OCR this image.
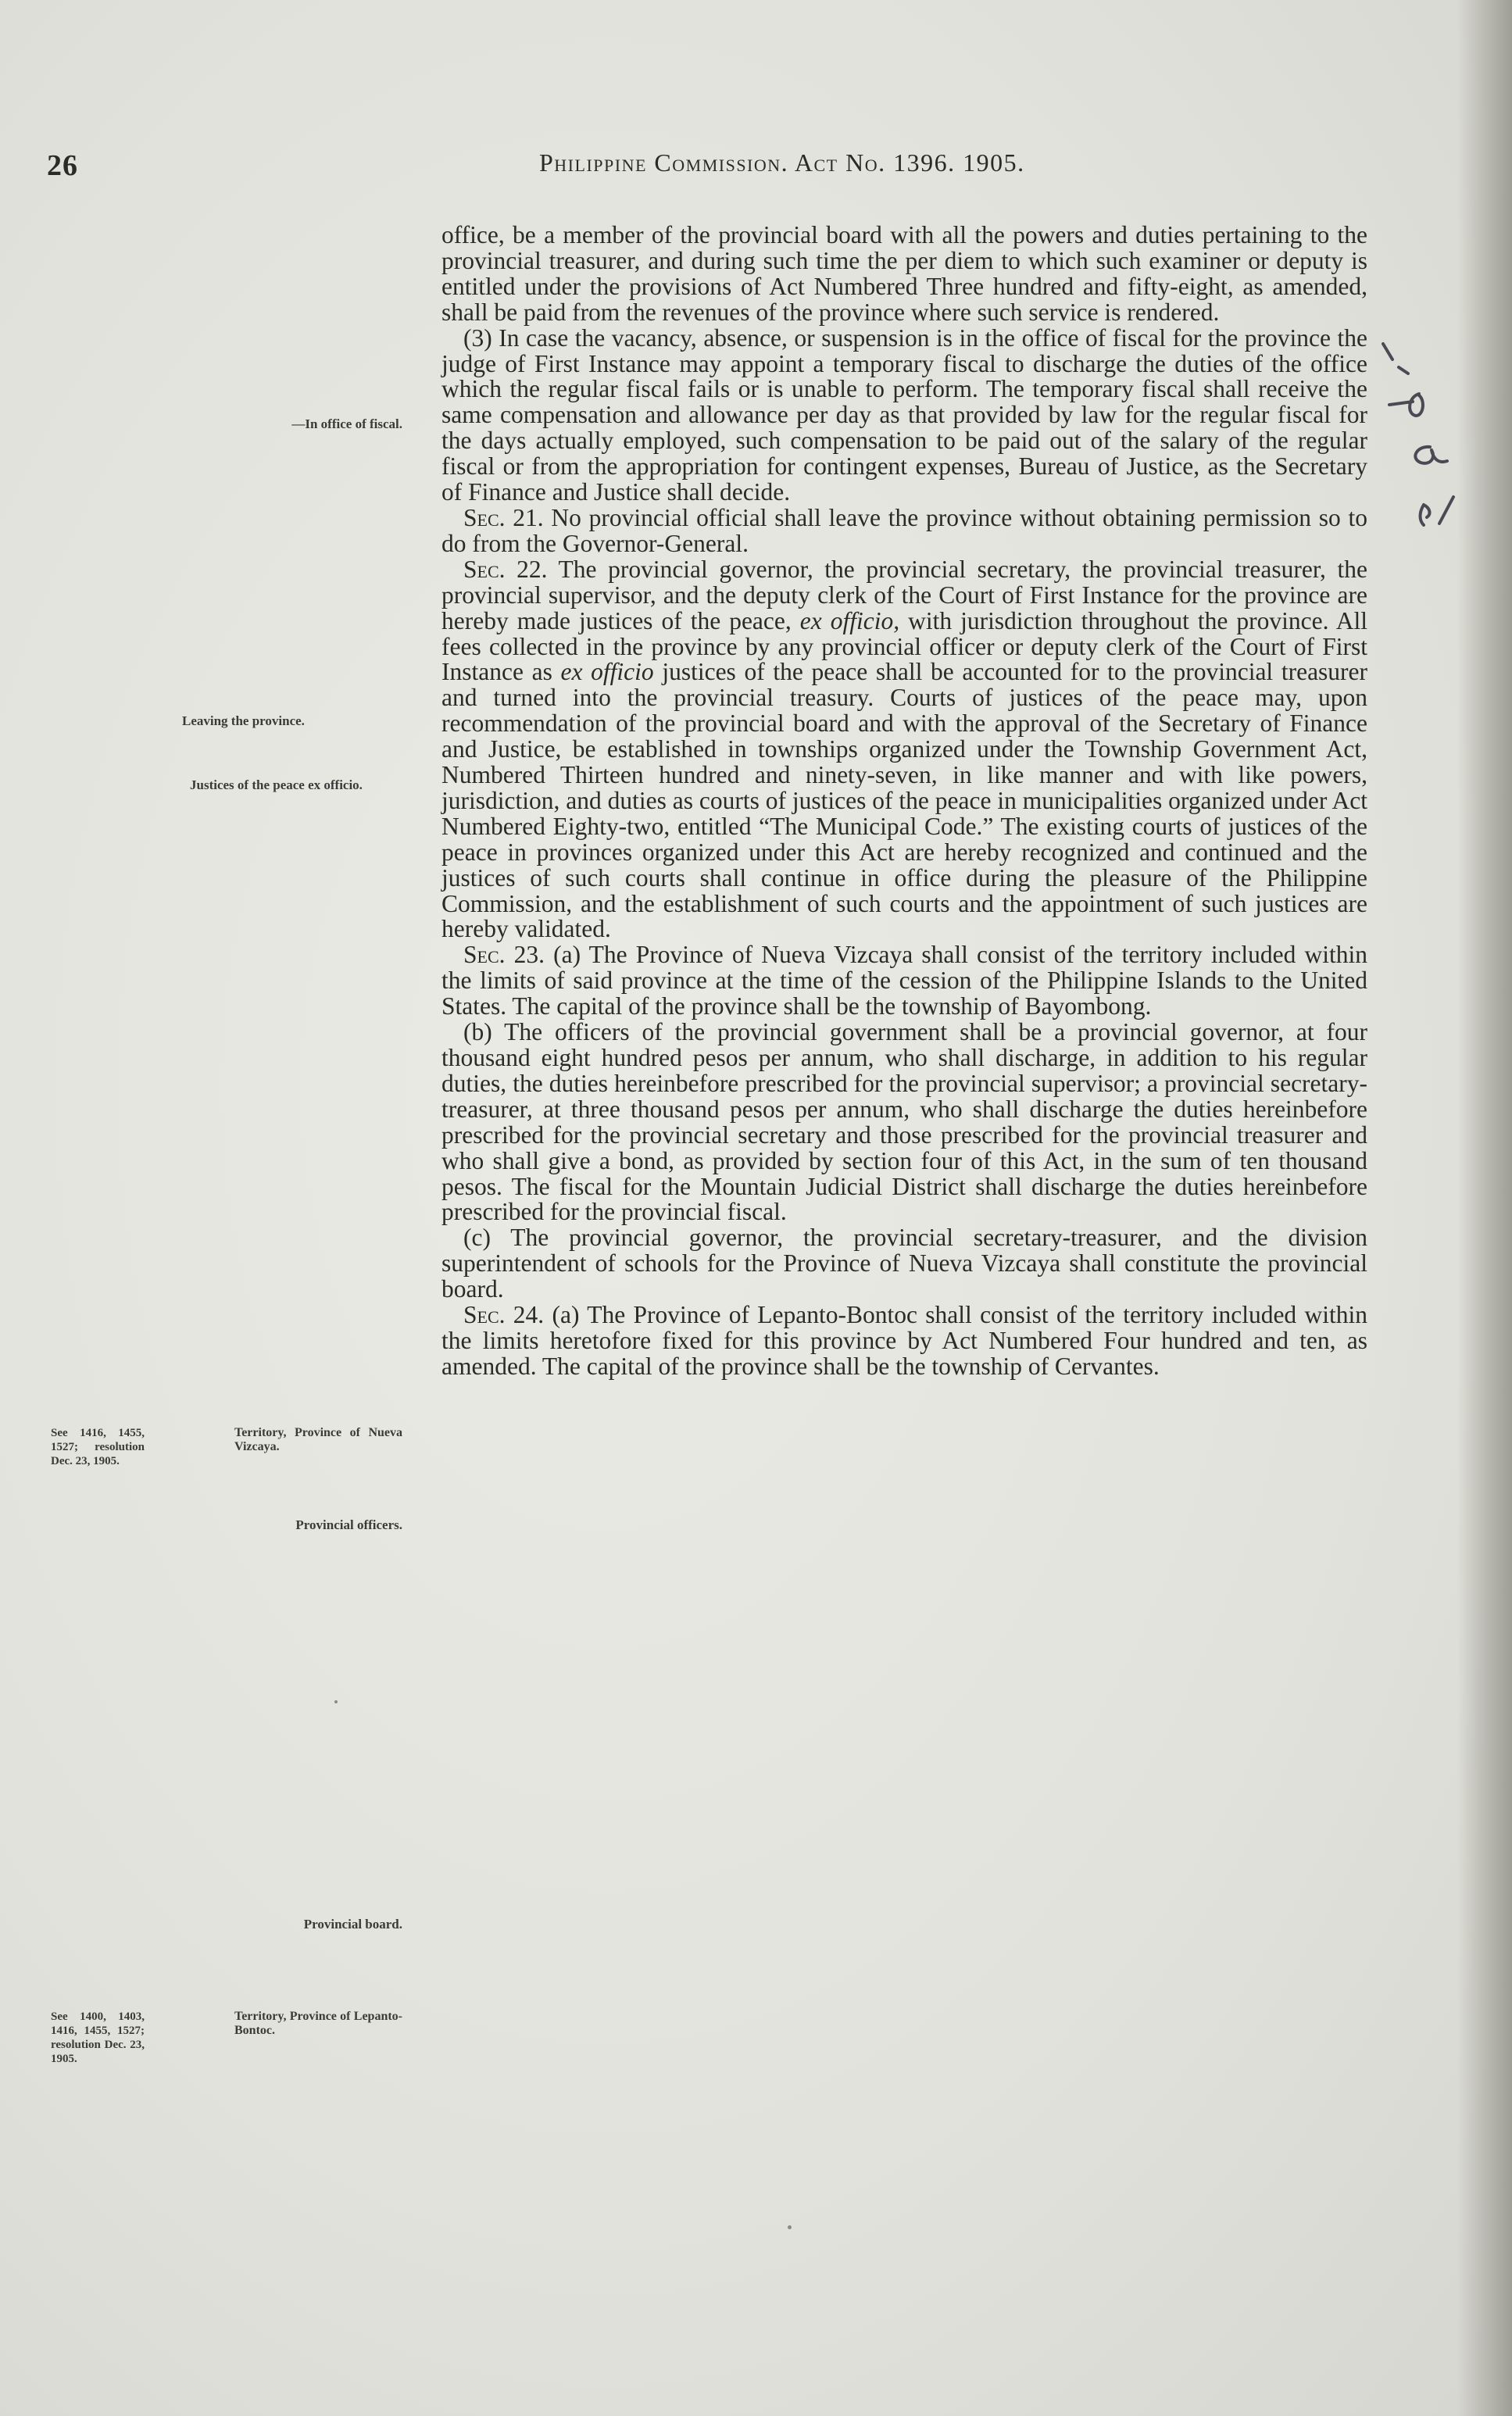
26	Philippine Commission. Act No. 1396. 1905.
—In office of fiscal.
Leaving the province.
Justices of the peace ex officio.
See 1416, 1455, 1527; resolution Dec. 23, 1905.
Territory, Province of Nueva Vizcaya.
Provincial officers.
Provincial board.
See 1400, 1403, 1416, 1455, 1527; resolution Dec. 23, 1905.
Territory, Province of Lepanto-Bontoc.

office, be a member of the provincial board with all the powers and duties pertaining to the provincial treasurer, and during such time the per diem to which such examiner or deputy is entitled under the provisions of Act Numbered Three hundred and fifty-eight, as amended, shall be paid from the revenues of the province where such service is rendered.

(3) In case the vacancy, absence, or suspension is in the office of fiscal for the province the judge of First Instance may appoint a temporary fiscal to discharge the duties of the office which the regular fiscal fails or is unable to perform. The temporary fiscal shall receive the same compensation and allowance per day as that provided by law for the regular fiscal for the days actually employed, such compensation to be paid out of the salary of the regular fiscal or from the appropriation for contingent expenses, Bureau of Justice, as the Secretary of Finance and Justice shall decide.

Sec. 21. No provincial official shall leave the province without obtaining permission so to do from the Governor-General.

Sec. 22. The provincial governor, the provincial secretary, the provincial treasurer, the provincial supervisor, and the deputy clerk of the Court of First Instance for the province are hereby made justices of the peace, ex officio, with jurisdiction throughout the province. All fees collected in the province by any provincial officer or deputy clerk of the Court of First Instance as ex officio justices of the peace shall be accounted for to the provincial treasurer and turned into the provincial treasury. Courts of justices of the peace may, upon recommendation of the provincial board and with the approval of the Secretary of Finance and Justice, be established in townships organized under the Township Government Act, Numbered Thirteen hundred and ninety-seven, in like manner and with like powers, jurisdiction, and duties as courts of justices of the peace in municipalities organized under Act Numbered Eighty-two, entitled “The Municipal Code.” The existing courts of justices of the peace in provinces organized under this Act are hereby recognized and continued and the justices of such courts shall continue in office during the pleasure of the Philippine Commission, and the establishment of such courts and the appointment of such justices are hereby validated.

Sec. 23. (a) The Province of Nueva Vizcaya shall consist of the territory included within the limits of said province at the time of the cession of the Philippine Islands to the United States. The capital of the province shall be the township of Bayombong.

(b) The officers of the provincial government shall be a provincial governor, at four thousand eight hundred pesos per annum, who shall discharge, in addition to his regular duties, the duties hereinbefore prescribed for the provincial supervisor; a provincial secretary-treasurer, at three thousand pesos per annum, who shall discharge the duties hereinbefore prescribed for the provincial secretary and those prescribed for the provincial treasurer and who shall give a bond, as provided by section four of this Act, in the sum of ten thousand pesos. The fiscal for the Mountain Judicial District shall discharge the duties hereinbefore prescribed for the provincial fiscal.

(c) The provincial governor, the provincial secretary-treasurer, and the division superintendent of schools for the Province of Nueva Vizcaya shall constitute the provincial board.

Sec. 24. (a) The Province of Lepanto-Bontoc shall consist of the territory included within the limits heretofore fixed for this province by Act Numbered Four hundred and ten, as amended. The capital of the province shall be the township of Cervantes.
